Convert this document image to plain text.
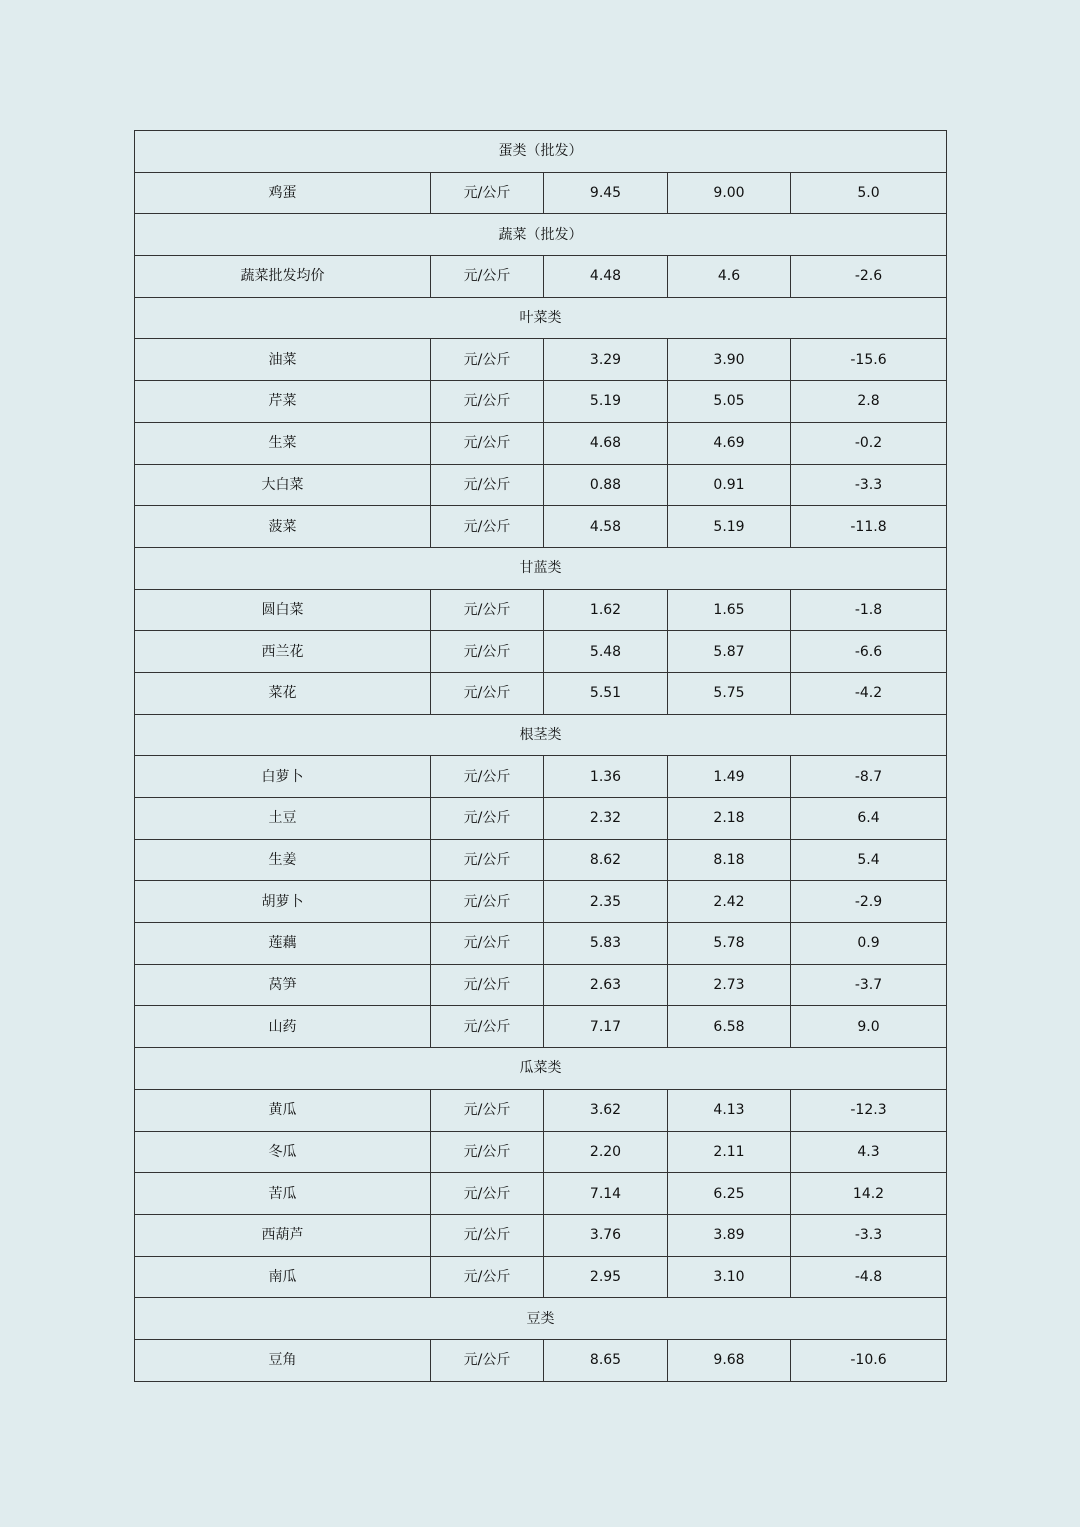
蛋类（批发）				
鸡蛋	元/公斤	9.45	9.00	5.0
蔬菜（批发）				
蔬菜批发均价	元/公斤	4.48	4.6	-2.6
叶菜类				
油菜	元/公斤	3.29	3.90	-15.6
芹菜	元/公斤	5.19	5.05	2.8
生菜	元/公斤	4.68	4.69	-0.2
大白菜	元/公斤	0.88	0.91	-3.3
菠菜	元/公斤	4.58	5.19	-11.8
甘蓝类				
圆白菜	元/公斤	1.62	1.65	-1.8
西兰花	元/公斤	5.48	5.87	-6.6
菜花	元/公斤	5.51	5.75	-4.2
根茎类				
白萝卜	元/公斤	1.36	1.49	-8.7
土豆	元/公斤	2.32	2.18	6.4
生姜	元/公斤	8.62	8.18	5.4
胡萝卜	元/公斤	2.35	2.42	-2.9
莲藕	元/公斤	5.83	5.78	0.9
莴笋	元/公斤	2.63	2.73	-3.7
山药	元/公斤	7.17	6.58	9.0
瓜菜类				
黄瓜	元/公斤	3.62	4.13	-12.3
冬瓜	元/公斤	2.20	2.11	4.3
苦瓜	元/公斤	7.14	6.25	14.2
西葫芦	元/公斤	3.76	3.89	-3.3
南瓜	元/公斤	2.95	3.10	-4.8
豆类				
豆角	元/公斤	8.65	9.68	-10.6
